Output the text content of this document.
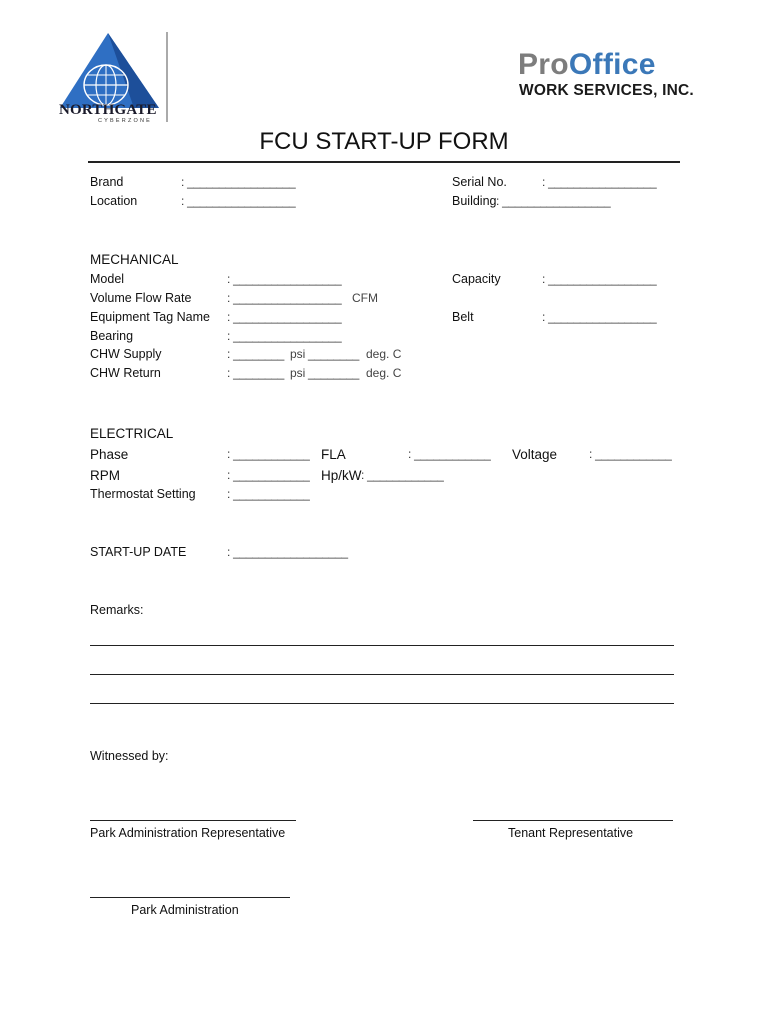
NORTHGATE
CYBERZONE
ProOffice
WORK SERVICES, INC.
FCU START-UP FORM
Brand	: _________________
Location	: _________________
Serial No.	: _________________
Building : _________________
MECHANICAL
Model	: _________________
Volume Flow Rate	: _________________ CFM
Equipment Tag Name : _________________
Bearing	: _________________
CHW Supply	: ________ psi ________ deg. C
CHW Return	: ________ psi ________ deg. C
Capacity	: _________________
Belt	: _________________
ELECTRICAL
Phase	: ____________ FLA	: ____________ Voltage	: ____________
RPM	: ____________ Hp/kW : ____________
Thermostat Setting	: ____________
START-UP DATE	: __________________
Remarks:
Witnessed by:
Park Administration Representative	Tenant Representative
Park Administration
